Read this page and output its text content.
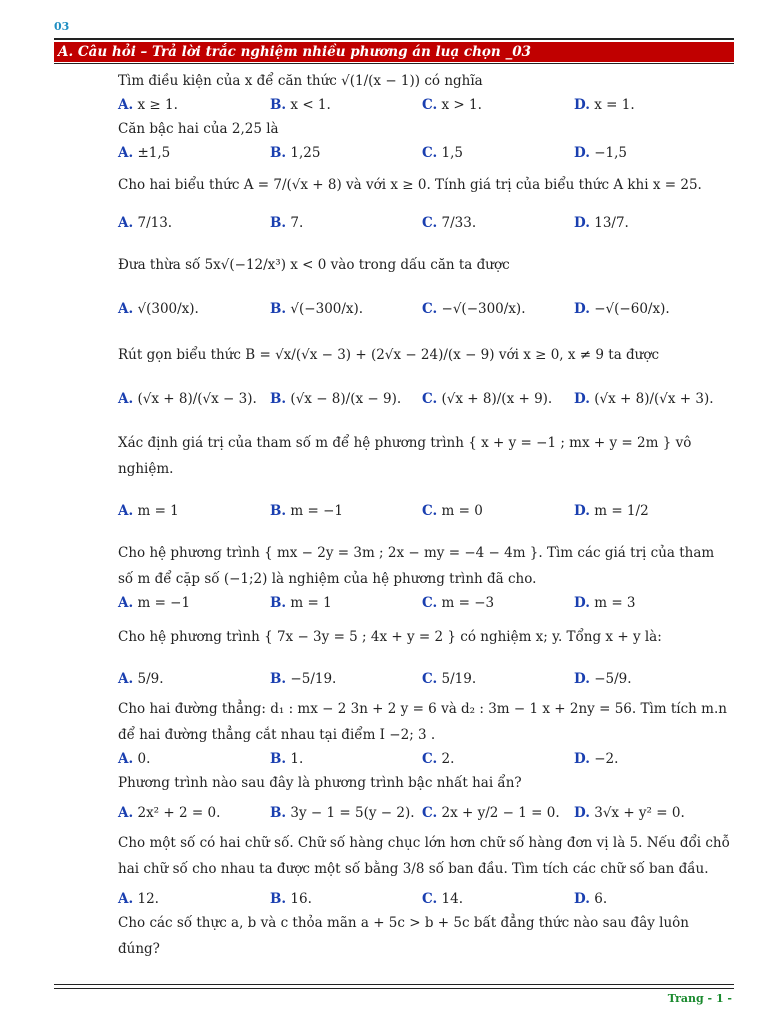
03
A. Câu hỏi – Trả lời trắc nghiệm nhiều phương án luạ chọn _03
Tìm điều kiện của x để căn thức √(1/(x − 1)) có nghĩa
A. x ≥ 1.	B. x < 1.	C. x > 1.	D. x = 1.
Căn bậc hai của 2,25 là
A. ±1,5	B. 1,25	C. 1,5	D. −1,5
Cho hai biểu thức A = 7/(√x + 8) và với x ≥ 0. Tính giá trị của biểu thức A khi x = 25.
A. 7/13.	B. 7.	C. 7/33.	D. 13/7.
Đưa thừa số 5x√(−12/x³) x < 0 vào trong dấu căn ta được
A. √(300/x).	B. √(−300/x).	C. −√(−300/x).	D. −√(−60/x).
Rút gọn biểu thức B = √x/(√x − 3) + (2√x − 24)/(x − 9) với x ≥ 0, x ≠ 9 ta được
A. (√x + 8)/(√x − 3). B. (√x − 8)/(x − 9).	C. (√x + 8)/(x + 9).	D. (√x + 8)/(√x + 3).
Xác định giá trị của tham số m để hệ phương trình { x + y = −1 ; mx + y = 2m } vô nghiệm.
A. m = 1	B. m = −1	C. m = 0	D. m = 1/2
Cho hệ phương trình { mx − 2y = 3m ; 2x − my = −4 − 4m }. Tìm các giá trị của tham số m để cặp số (−1;2) là nghiệm của hệ phương trình đã cho.
A. m = −1	B. m = 1	C. m = −3	D. m = 3
Cho hệ phương trình { 7x − 3y = 5 ; 4x + y = 2 } có nghiệm x; y. Tổng x + y là:
A. 5/9.	B. −5/19.	C. 5/19.	D. −5/9.
Cho hai đường thẳng: d₁ : mx − 2 3n + 2 y = 6 và d₂ : 3m − 1 x + 2ny = 56. Tìm tích m.n để hai đường thẳng cắt nhau tại điểm I −2; 3 .
A. 0.	B. 1.	C. 2.	D. −2.
Phương trình nào sau đây là phương trình bậc nhất hai ẩn?
A. 2x² + 2 = 0.	B. 3y − 1 = 5(y − 2). C. 2x + y/2 − 1 = 0.	D. 3√x + y² = 0.
Cho một số có hai chữ số. Chữ số hàng chục lớn hơn chữ số hàng đơn vị là 5. Nếu đổi chỗ hai chữ số cho nhau ta được một số bằng 3/8 số ban đầu. Tìm tích các chữ số ban đầu.
A. 12.	B. 16.	C. 14.	D. 6.
Cho các số thực a, b và c thỏa mãn a + 5c > b + 5c bất đẳng thức nào sau đây luôn đúng?
Trang - 1 -
